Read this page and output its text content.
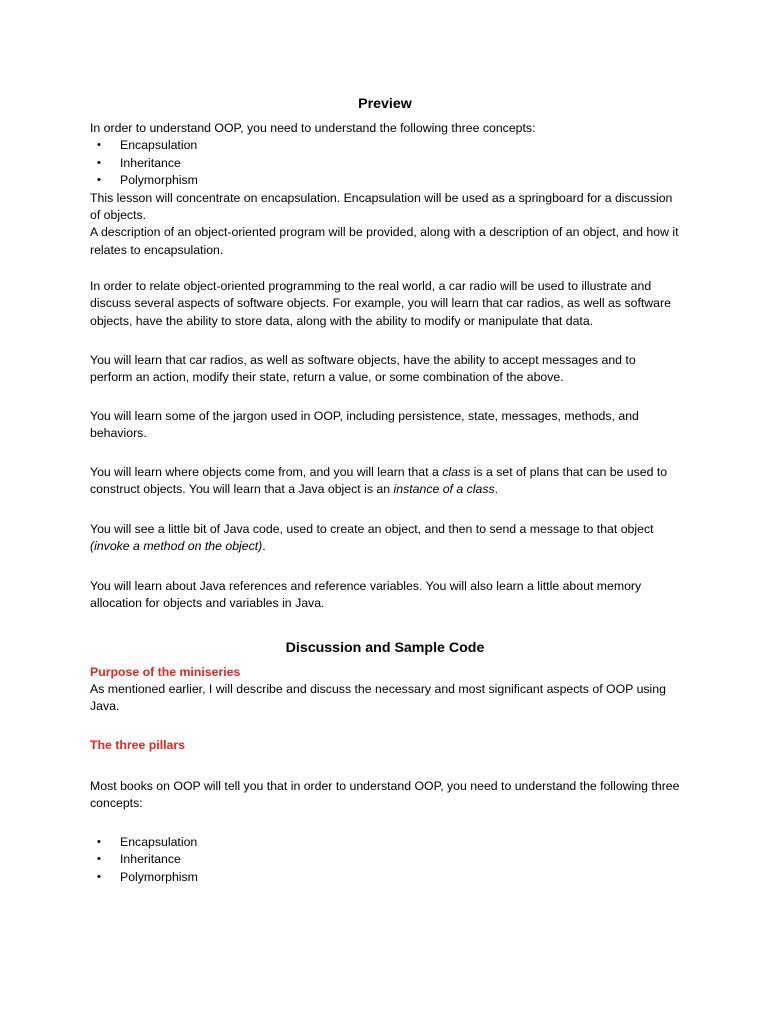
Preview

In order to understand OOP, you need to understand the following three concepts:

• Encapsulation
• Inheritance
• Polymorphism

This lesson will concentrate on encapsulation. Encapsulation will be used as a springboard for a discussion of objects.

A description of an object-oriented program will be provided, along with a description of an object, and how it relates to encapsulation.

In order to relate object-oriented programming to the real world, a car radio will be used to illustrate and discuss several aspects of software objects. For example, you will learn that car radios, as well as software objects, have the ability to store data, along with the ability to modify or manipulate that data.
You will learn that car radios, as well as software objects, have the ability to accept messages and to perform an action, modify their state, return a value, or some combination of the above.
You will learn some of the jargon used in OOP, including persistence, state, messages, methods, and behaviors.
You will learn where objects come from, and you will learn that a class is a set of plans that can be used to construct objects. You will learn that a Java object is an instance of a class.
You will see a little bit of Java code, used to create an object, and then to send a message to that object (invoke a method on the object).
You will learn about Java references and reference variables. You will also learn a little about memory allocation for objects and variables in Java.
Discussion and Sample Code
Purpose of the miniseries
As mentioned earlier, I will describe and discuss the necessary and most significant aspects of OOP using Java.
The three pillars
Most books on OOP will tell you that in order to understand OOP, you need to understand the following three concepts:
• Encapsulation
• Inheritance
• Polymorphism
